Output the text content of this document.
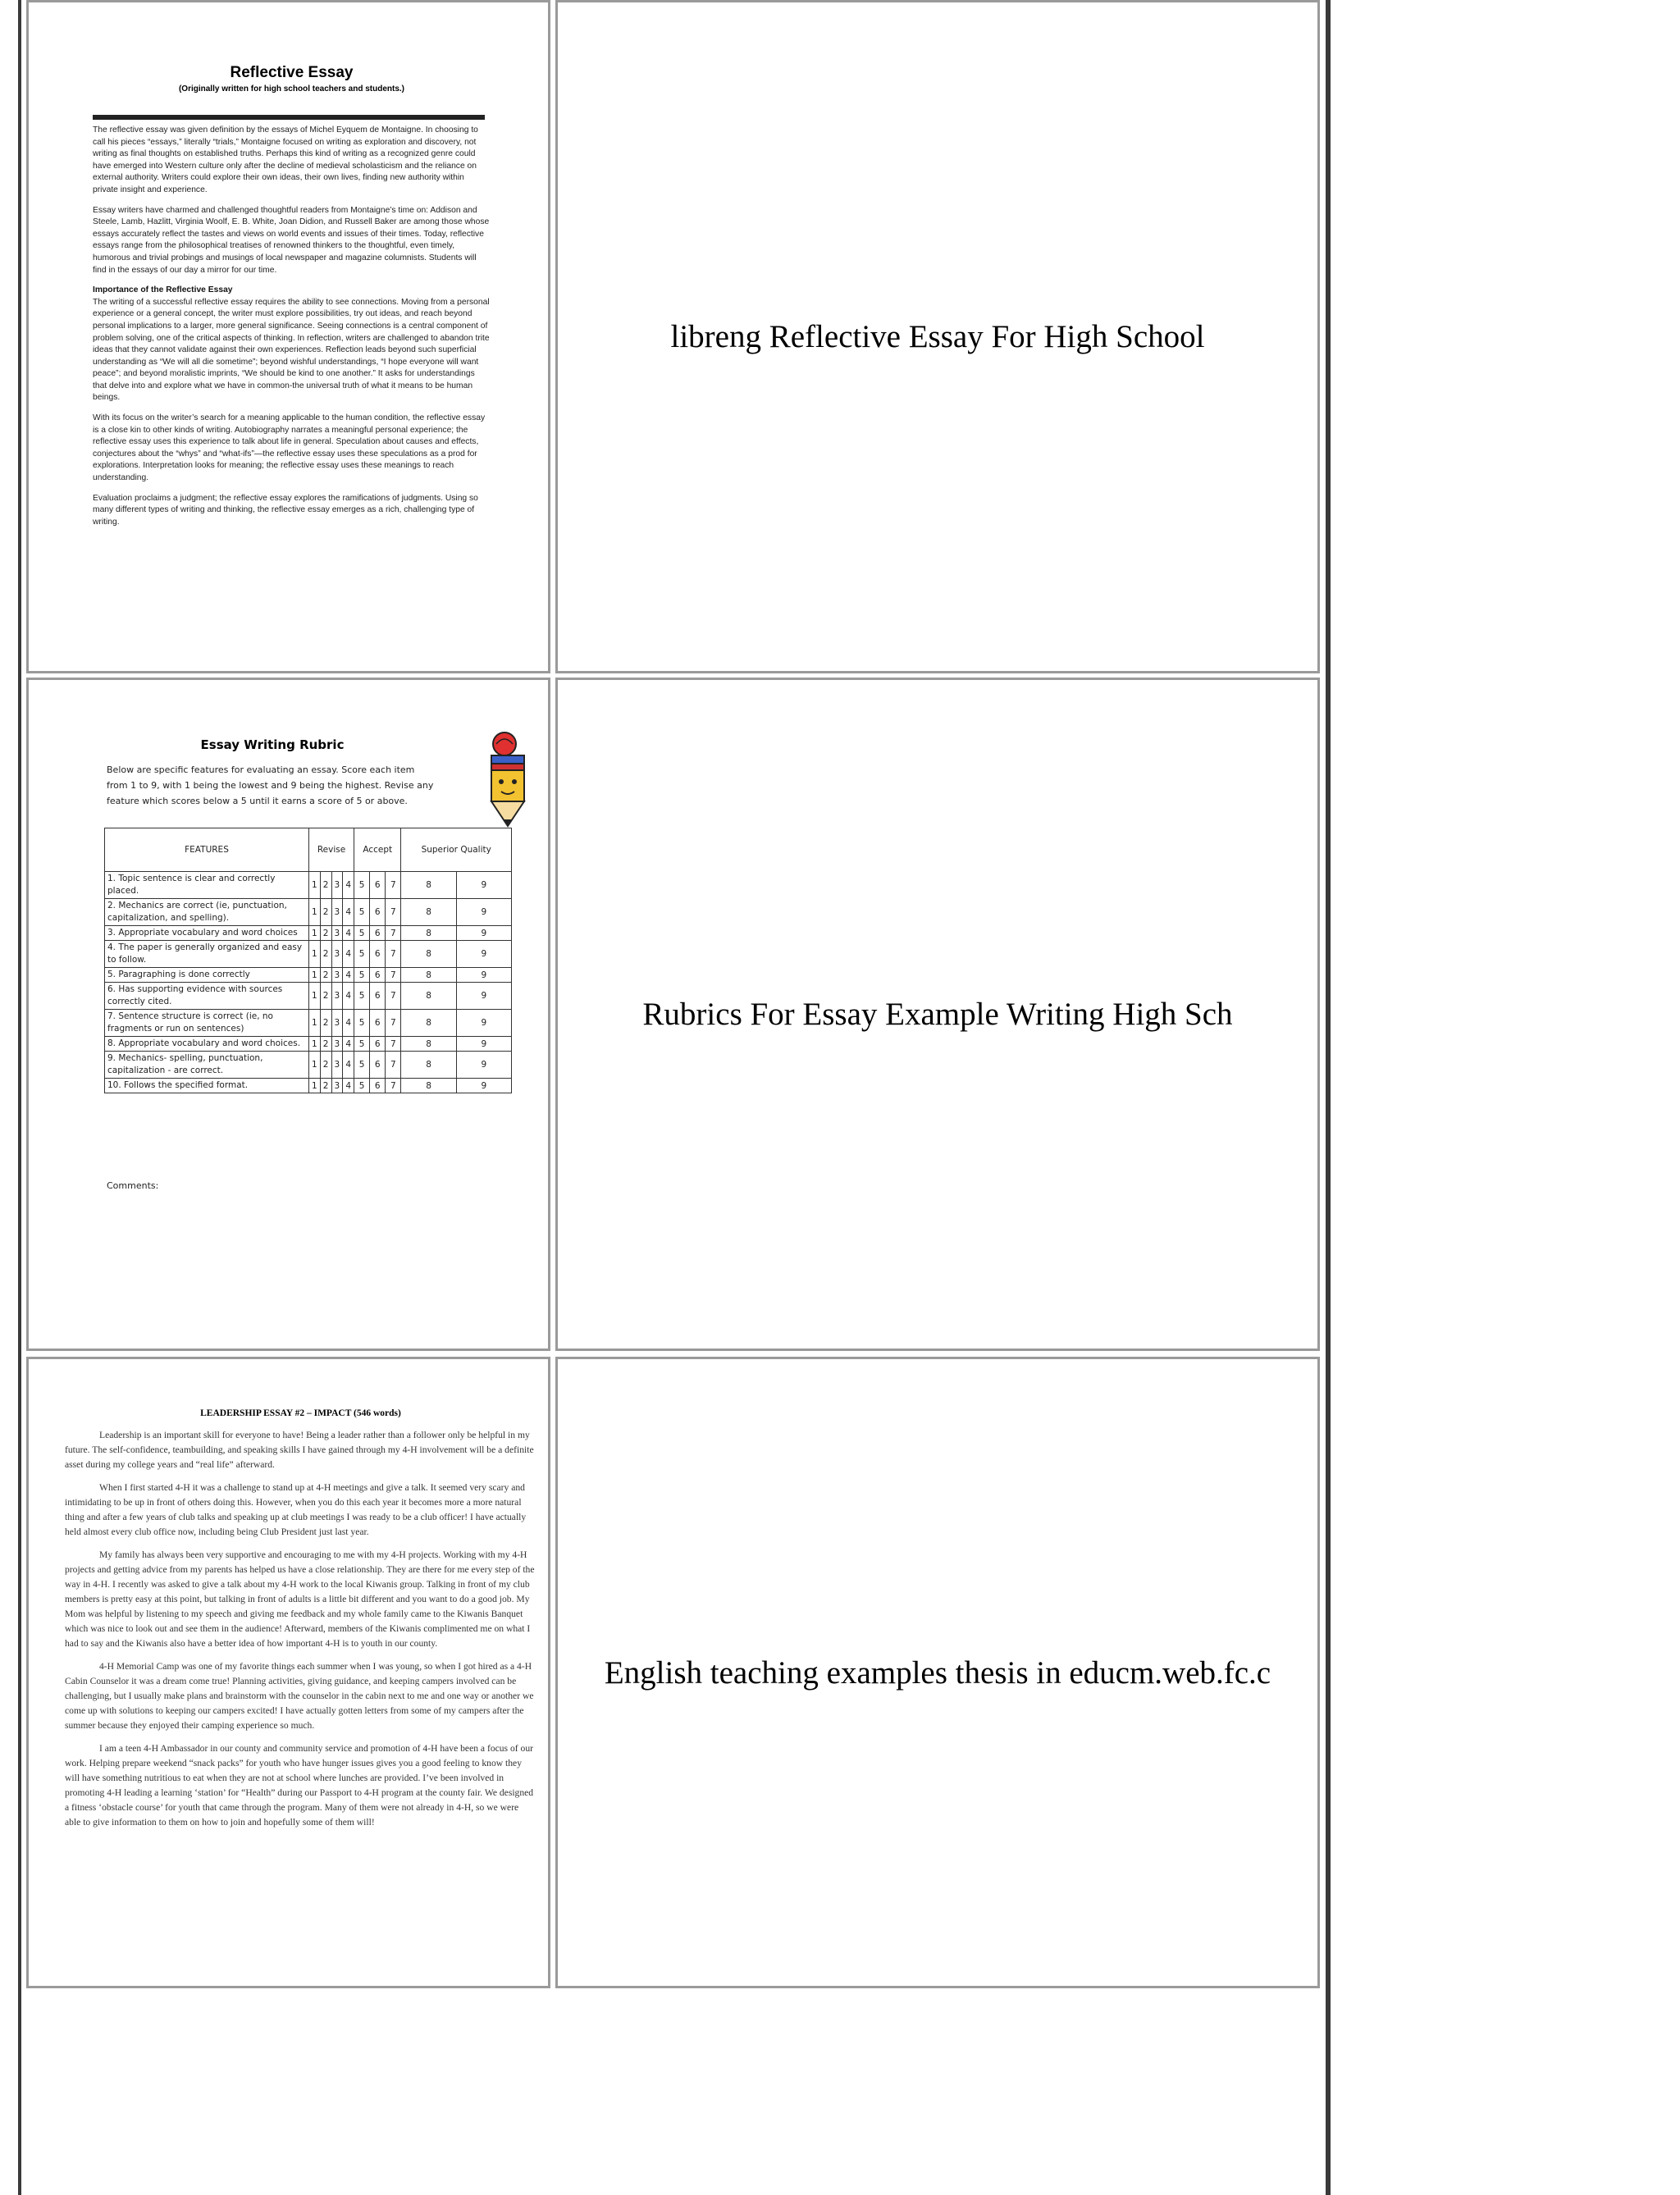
Reflective Essay
(Originally written for high school teachers and students.)

The reflective essay was given definition by the essays of Michel Eyquem de Montaigne. In choosing to call his pieces “essays,” literally “trials,” Montaigne focused on writing as exploration and discovery, not writing as final thoughts on established truths. Perhaps this kind of writing as a recognized genre could have emerged into Western culture only after the decline of medieval scholasticism and the reliance on external authority. Writers could explore their own ideas, their own lives, finding new authority within private insight and experience.

Essay writers have charmed and challenged thoughtful readers from Montaigne’s time on: Addison and Steele, Lamb, Hazlitt, Virginia Woolf, E. B. White, Joan Didion, and Russell Baker are among those whose essays accurately reflect the tastes and views on world events and issues of their times. Today, reflective essays range from the philosophical treatises of renowned thinkers to the thoughtful, even timely, humorous and trivial probings and musings of local newspaper and magazine columnists. Students will find in the essays of our day a mirror for our time.

Importance of the Reflective Essay

The writing of a successful reflective essay requires the ability to see connections. Moving from a personal experience or a general concept, the writer must explore possibilities, try out ideas, and reach beyond personal implications to a larger, more general significance. Seeing connections is a central component of problem solving, one of the critical aspects of thinking. In reflection, writers are challenged to abandon trite ideas that they cannot validate against their own experiences. Reflection leads beyond such superficial understanding as “We will all die sometime”; beyond wishful understandings, “I hope everyone will want peace”; and beyond moralistic imprints, “We should be kind to one another.” It asks for understandings that delve into and explore what we have in common-the universal truth of what it means to be human beings.

With its focus on the writer’s search for a meaning applicable to the human condition, the reflective essay is a close kin to other kinds of writing. Autobiography narrates a meaningful personal experience; the reflective essay uses this experience to talk about life in general. Speculation about causes and effects, conjectures about the “whys” and “what-ifs”—the reflective essay uses these speculations as a prod for explorations. Interpretation looks for meaning; the reflective essay uses these meanings to reach understanding.

Evaluation proclaims a judgment; the reflective essay explores the ramifications of judgments. Using so many different types of writing and thinking, the reflective essay emerges as a rich, challenging type of writing.

libreng Reflective Essay For High School
Essay Writing Rubric
Below are specific features for evaluating an essay. Score each item from 1 to 9, with 1 being the lowest and 9 being the highest. Revise any feature which scores below a 5 until it earns a score of 5 or above.
FEATURES	Revise				Accept			Superior Quality	
1. Topic sentence is clear and correctly placed.	1	2	3	4	5	6	7	8	9
2. Mechanics are correct (ie, punctuation, capitalization, and spelling).	1	2	3	4	5	6	7	8	9
3. Appropriate vocabulary and word choices	1	2	3	4	5	6	7	8	9
4. The paper is generally organized and easy to follow.	1	2	3	4	5	6	7	8	9
5. Paragraphing is done correctly	1	2	3	4	5	6	7	8	9
6. Has supporting evidence with sources correctly cited.	1	2	3	4	5	6	7	8	9
7. Sentence structure is correct (ie, no fragments or run on sentences)	1	2	3	4	5	6	7	8	9
8. Appropriate vocabulary and word choices.	1	2	3	4	5	6	7	8	9
9. Mechanics- spelling, punctuation, capitalization - are correct.	1	2	3	4	5	6	7	8	9
10. Follows the specified format.	1	2	3	4	5	6	7	8	9
Comments:
Rubrics For Essay Example Writing High Sch
LEADERSHIP ESSAY #2 – IMPACT (546 words)

Leadership is an important skill for everyone to have! Being a leader rather than a follower only be helpful in my future. The self-confidence, teambuilding, and speaking skills I have gained through my 4-H involvement will be a definite asset during my college years and “real life” afterward.

When I first started 4-H it was a challenge to stand up at 4-H meetings and give a talk. It seemed very scary and intimidating to be up in front of others doing this. However, when you do this each year it becomes more a more natural thing and after a few years of club talks and speaking up at club meetings I was ready to be a club officer! I have actually held almost every club office now, including being Club President just last year.

My family has always been very supportive and encouraging to me with my 4-H projects. Working with my 4-H projects and getting advice from my parents has helped us have a close relationship. They are there for me every step of the way in 4-H. I recently was asked to give a talk about my 4-H work to the local Kiwanis group. Talking in front of my club members is pretty easy at this point, but talking in front of adults is a little bit different and you want to do a good job. My Mom was helpful by listening to my speech and giving me feedback and my whole family came to the Kiwanis Banquet which was nice to look out and see them in the audience! Afterward, members of the Kiwanis complimented me on what I had to say and the Kiwanis also have a better idea of how important 4-H is to youth in our county.

4-H Memorial Camp was one of my favorite things each summer when I was young, so when I got hired as a 4-H Cabin Counselor it was a dream come true! Planning activities, giving guidance, and keeping campers involved can be challenging, but I usually make plans and brainstorm with the counselor in the cabin next to me and one way or another we come up with solutions to keeping our campers excited! I have actually gotten letters from some of my campers after the summer because they enjoyed their camping experience so much.

I am a teen 4-H Ambassador in our county and community service and promotion of 4-H have been a focus of our work. Helping prepare weekend “snack packs” for youth who have hunger issues gives you a good feeling to know they will have something nutritious to eat when they are not at school where lunches are provided. I’ve been involved in promoting 4-H leading a learning ‘station’ for “Health” during our Passport to 4-H program at the county fair. We designed a fitness ‘obstacle course’ for youth that came through the program. Many of them were not already in 4-H, so we were able to give information to them on how to join and hopefully some of them will!

English teaching examples thesis in educm.web.fc.c
